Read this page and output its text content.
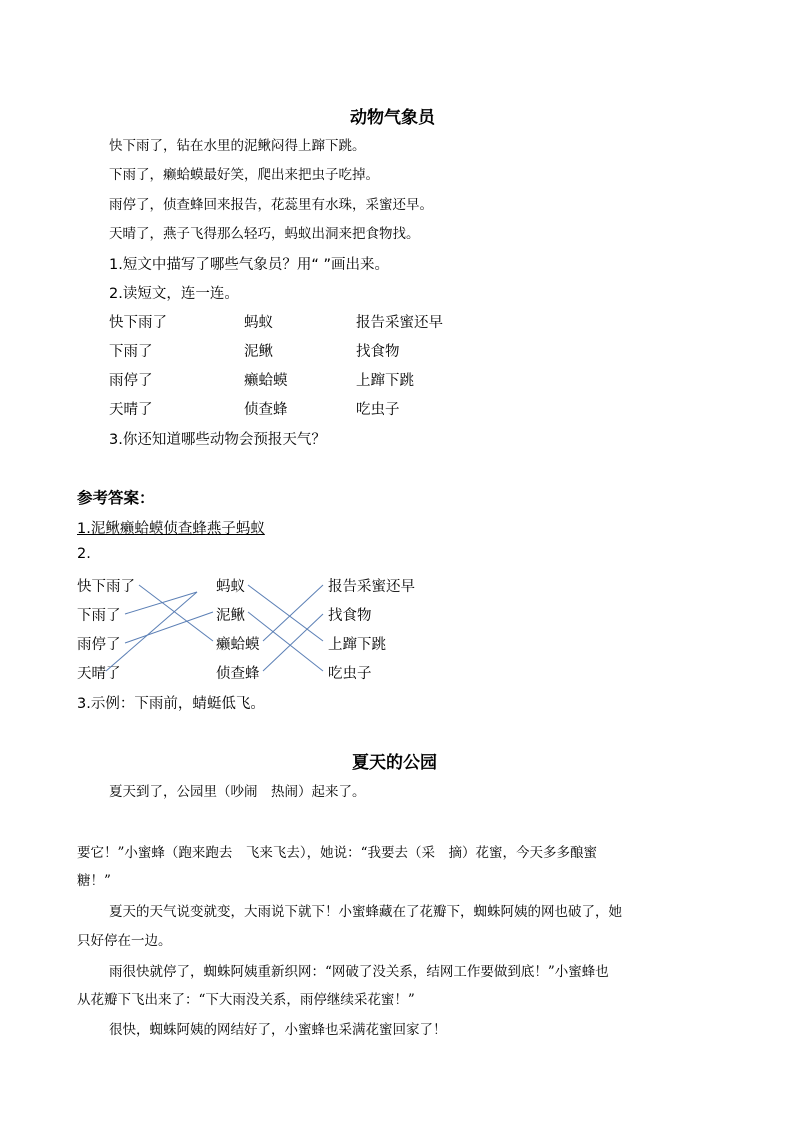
动物气象员
快下雨了，钻在水里的泥鳅闷得上蹿下跳。
下雨了，癞蛤蟆最好笑，爬出来把虫子吃掉。
雨停了，侦查蜂回来报告，花蕊里有水珠，采蜜还早。
天晴了，燕子飞得那么轻巧，蚂蚁出洞来把食物找。
1.短文中描写了哪些气象员？用“ ”画出来。
2.读短文，连一连。
快下雨了
下雨了
雨停了
天晴了
蚂蚁
泥鳅
癞蛤蟆
侦查蜂
报告采蜜还早
找食物
上蹿下跳
吃虫子
3.你还知道哪些动物会预报天气？
参考答案：
1.泥鳅癞蛤蟆侦查蜂燕子蚂蚁
2.
快下雨了
下雨了
雨停了
天晴了
蚂蚁
泥鳅
癞蛤蟆
侦查蜂
报告采蜜还早
找食物
上蹿下跳
吃虫子
3.示例：下雨前，蜻蜓低飞。
夏天的公园
夏天到了，公园里（吵闹　热闹）起来了。
要它！”小蜜蜂（跑来跑去　飞来飞去），她说：“我要去（采　摘）花蜜，今天多多酿蜜
糖！”
夏天的天气说变就变，大雨说下就下！小蜜蜂藏在了花瓣下，蜘蛛阿姨的网也破了，她
只好停在一边。
雨很快就停了，蜘蛛阿姨重新织网：“网破了没关系，结网工作要做到底！”小蜜蜂也
从花瓣下飞出来了：“下大雨没关系，雨停继续采花蜜！”
很快，蜘蛛阿姨的网结好了，小蜜蜂也采满花蜜回家了！
